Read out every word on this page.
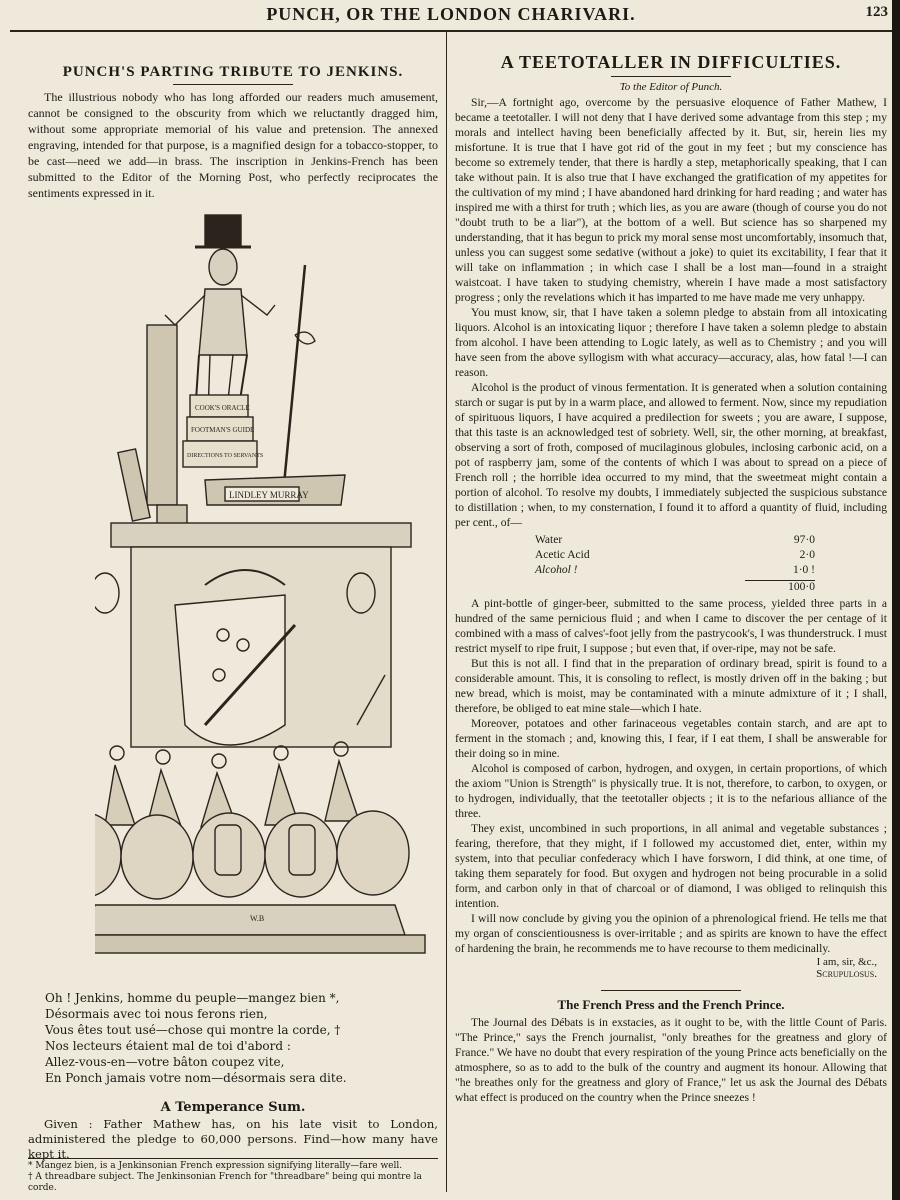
PUNCH, OR THE LONDON CHARIVARI.	123
PUNCH'S PARTING TRIBUTE TO JENKINS.

The illustrious nobody who has long afforded our readers much amusement, cannot be consigned to the obscurity from which we reluctantly dragged him, without some appropriate memorial of his value and pretension. The annexed engraving, intended for that purpose, is a magnified design for a tobacco-stopper, to be cast—need we add—in brass. The inscription in Jenkins-French has been submitted to the Editor of the Morning Post, who perfectly reciprocates the sentiments expressed in it.

COOK'S ORACLE
FOOTMAN'S GUIDE
DIRECTIONS TO SERVANTS
LINDLEY MURRAY
W.B
Oh ! Jenkins, homme du peuple—mangez bien *,
Désormais avec toi nous ferons rien,
Vous êtes tout usé—chose qui montre la corde, †
Nos lecteurs étaient mal de toi d'abord :
Allez-vous-en—votre bâton coupez vite,
En Ponch jamais votre nom—désormais sera dite.
A Temperance Sum.

Given : Father Mathew has, on his late visit to London, administered the pledge to 60,000 persons. Find—how many have kept it.

* Mangez bien, is a Jenkinsonian French expression signifying literally—fare well.
† A threadbare subject. The Jenkinsonian French for "threadbare" being qui montre la corde.
A TEETOTALLER IN DIFFICULTIES.
To the Editor of Punch.

Sir,—A fortnight ago, overcome by the persuasive eloquence of Father Mathew, I became a teetotaller. I will not deny that I have derived some advantage from this step ; my morals and intellect having been beneficially affected by it. But, sir, herein lies my misfortune. It is true that I have got rid of the gout in my feet ; but my conscience has become so extremely tender, that there is hardly a step, metaphorically speaking, that I can take without pain. It is also true that I have exchanged the gratification of my appetites for the cultivation of my mind ; I have abandoned hard drinking for hard reading ; and water has inspired me with a thirst for truth ; which lies, as you are aware (though of course you do not "doubt truth to be a liar"), at the bottom of a well. But science has so sharpened my understanding, that it has begun to prick my moral sense most uncomfortably, insomuch that, unless you can suggest some sedative (without a joke) to quiet its excitability, I fear that it will take on inflammation ; in which case I shall be a lost man—found in a straight waistcoat. I have taken to studying chemistry, wherein I have made a most satisfactory progress ; only the revelations which it has imparted to me have made me very unhappy.

You must know, sir, that I have taken a solemn pledge to abstain from all intoxicating liquors. Alcohol is an intoxicating liquor ; therefore I have taken a solemn pledge to abstain from alcohol. I have been attending to Logic lately, as well as to Chemistry ; and you will have seen from the above syllogism with what accuracy—accuracy, alas, how fatal !—I can reason.

Alcohol is the product of vinous fermentation. It is generated when a solution containing starch or sugar is put by in a warm place, and allowed to ferment. Now, since my repudiation of spirituous liquors, I have acquired a predilection for sweets ; you are aware, I suppose, that this taste is an acknowledged test of sobriety. Well, sir, the other morning, at breakfast, observing a sort of froth, composed of mucilaginous globules, inclosing carbonic acid, on a pot of raspberry jam, some of the contents of which I was about to spread on a piece of French roll ; the horrible idea occurred to my mind, that the sweetmeat might contain a portion of alcohol. To resolve my doubts, I immediately subjected the suspicious substance to distillation ; when, to my consternation, I found it to afford a quantity of fluid, including per cent., of—

Water	97·0
Acetic Acid	2·0
Alcohol !	1·0 !
100·0

A pint-bottle of ginger-beer, submitted to the same process, yielded three parts in a hundred of the same pernicious fluid ; and when I came to discover the per centage of it combined with a mass of calves'-foot jelly from the pastrycook's, I was thunderstruck. I must restrict myself to ripe fruit, I suppose ; but even that, if over-ripe, may not be safe.

But this is not all. I find that in the preparation of ordinary bread, spirit is found to a considerable amount. This, it is consoling to reflect, is mostly driven off in the baking ; but new bread, which is moist, may be contaminated with a minute admixture of it ; I shall, therefore, be obliged to eat mine stale—which I hate.

Moreover, potatoes and other farinaceous vegetables contain starch, and are apt to ferment in the stomach ; and, knowing this, I fear, if I eat them, I shall be answerable for their doing so in mine.

Alcohol is composed of carbon, hydrogen, and oxygen, in certain proportions, of which the axiom "Union is Strength" is physically true. It is not, therefore, to carbon, to oxygen, or to hydrogen, individually, that the teetotaller objects ; it is to the nefarious alliance of the three.

They exist, uncombined in such proportions, in all animal and vegetable substances ; fearing, therefore, that they might, if I followed my accustomed diet, enter, within my system, into that peculiar confederacy which I have forsworn, I did think, at one time, of taking them separately for food. But oxygen and hydrogen not being procurable in a solid form, and carbon only in that of charcoal or of diamond, I was obliged to relinquish this intention.

I will now conclude by giving you the opinion of a phrenological friend. He tells me that my organ of conscientiousness is over-irritable ; and as spirits are known to have the effect of hardening the brain, he recommends me to have recourse to them medicinally.

I am, sir, &c.,
Scrupulosus.
The French Press and the French Prince.

The Journal des Débats is in exstacies, as it ought to be, with the little Count of Paris. "The Prince," says the French journalist, "only breathes for the greatness and glory of France." We have no doubt that every respiration of the young Prince acts beneficially on the atmosphere, so as to add to the bulk of the country and augment its honour. Allowing that "he breathes only for the greatness and glory of France," let us ask the Journal des Débats what effect is produced on the country when the Prince sneezes !
